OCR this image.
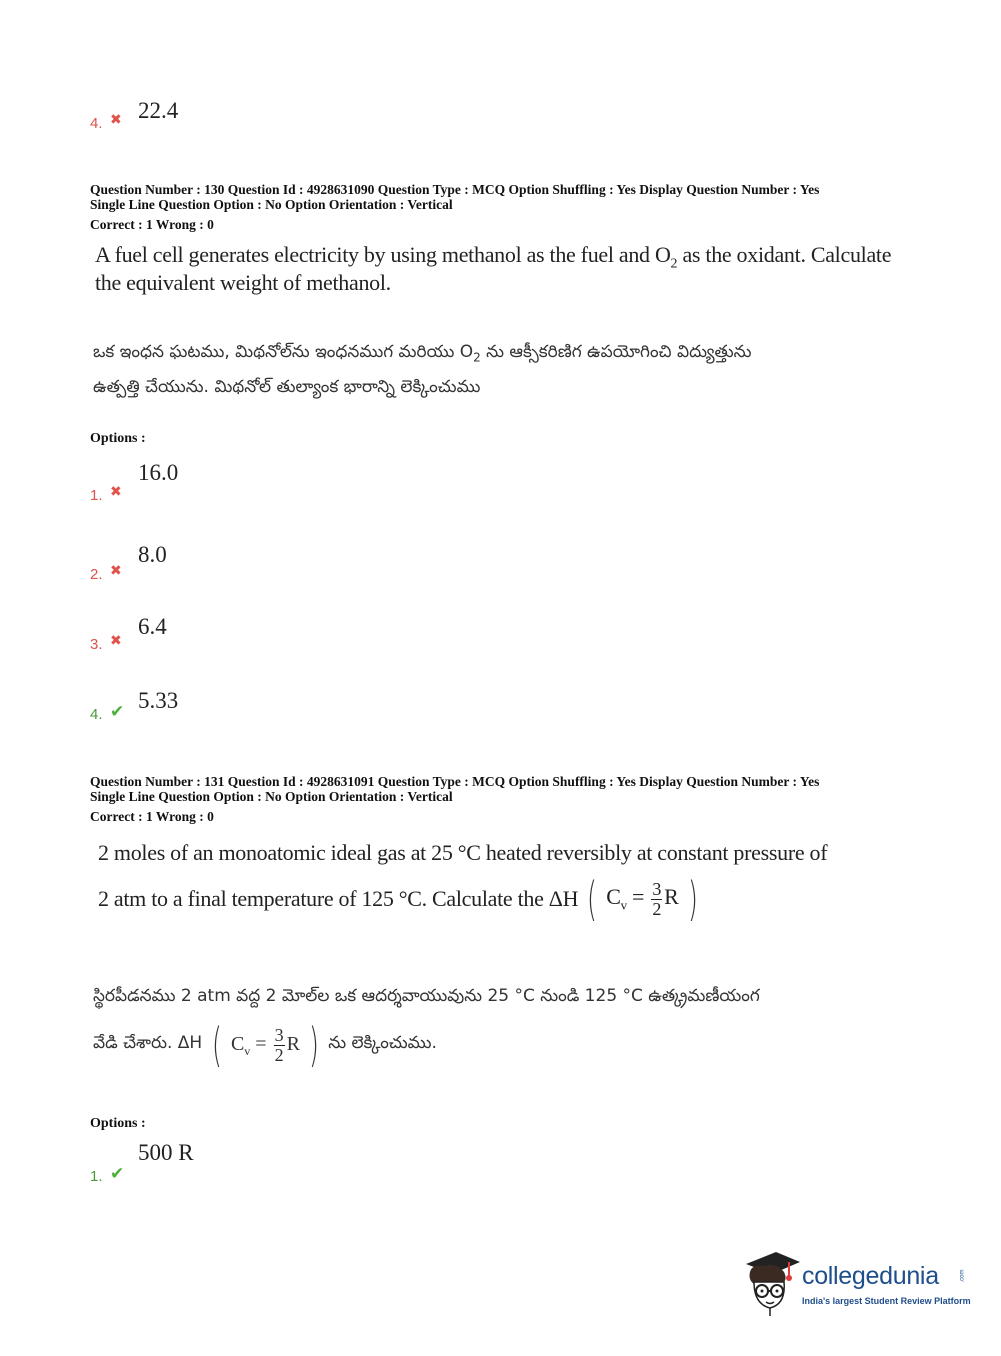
4. ✖ 22.4
Question Number : 130 Question Id : 4928631090 Question Type : MCQ Option Shuffling : Yes Display Question Number : Yes
Single Line Question Option : No Option Orientation : Vertical
Correct : 1 Wrong : 0
A fuel cell generates electricity by using methanol as the fuel and $O_2$ as the oxidant. Calculate
the equivalent weight of methanol.
ఒక ఇంధన ఘటము, మిథనోల్‌ను ఇంధనముగ మరియు $O_2$ ను ఆక్సీకరిణిగ ఉపయోగించి విద్యుత్తును
ఉత్పత్తి చేయును. మిథనోల్ తుల్యాంక భారాన్ని లెక్కించుము
Options :
1. ✖
16.0
2. ✖
8.0
3. ✖
6.4
4. ✔ 5.33
Question Number : 131 Question Id : 4928631091 Question Type : MCQ Option Shuffling : Yes Display Question Number : Yes
Single Line Question Option : No Option Orientation : Vertical
Correct : 1 Wrong : 0
2 moles of an monoatomic ideal gas at 25 °C heated reversibly at constant pressure of
2 atm to a final temperature of 125 °C. Calculate the ΔH ( $C_v = \frac{3}{2}$ R )
స్థిరపీడనము 2 atm వద్ద 2 మోల్‌ల ఒక ఆదర్శవాయువును 25 °C నుండి 125 °C ఉత్క్రమణీయంగ
వేడి చేశారు. ΔH ( $C_v = \frac{3}{2}$ R ) ను లెక్కించుము.
Options :
1. ✔
500 R
collegedunia	.com
India's largest Student Review Platform
